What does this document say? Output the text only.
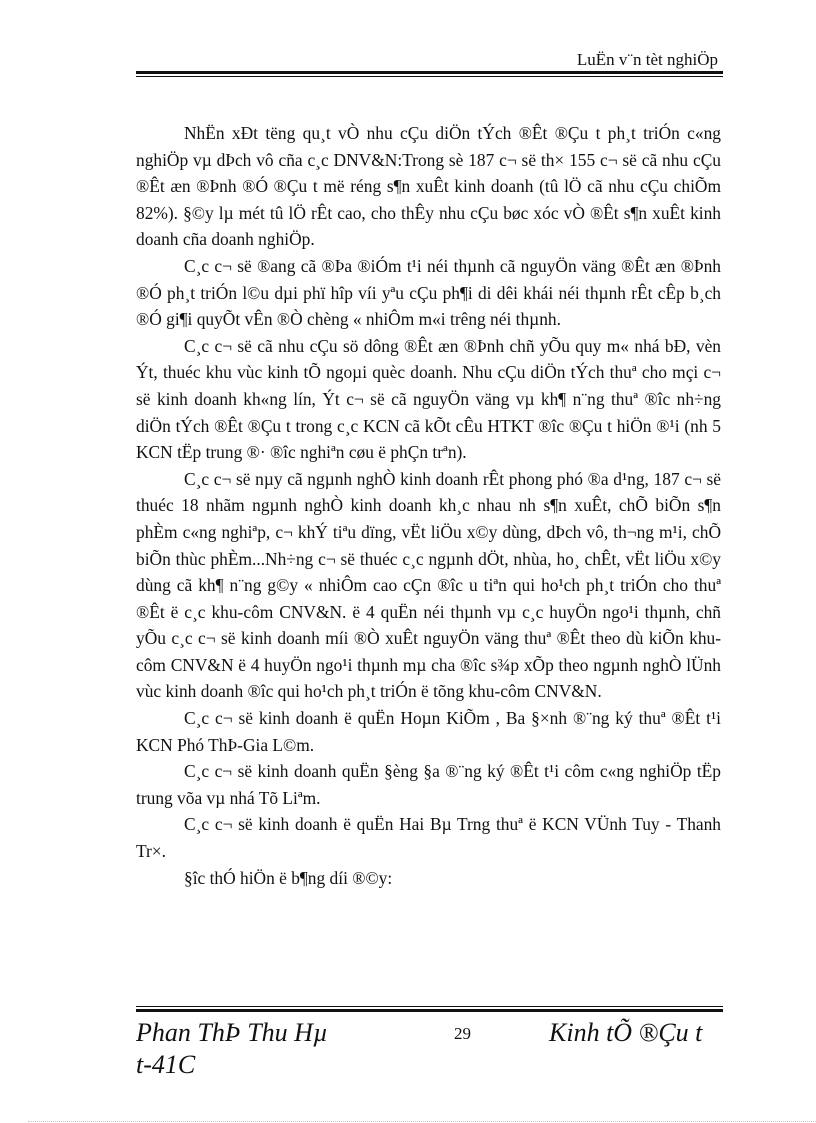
LuËn v¨n tèt nghiÖp

NhËn xÐt tëng qu¸t vÒ nhu cÇu diÖn tÝch ®Êt ®Çu t ph¸t triÓn c«ng nghiÖp vµ dÞch vô cña c¸c DNV&N:Trong sè 187 c¬ së th× 155 c¬ së cã nhu cÇu ®Êt æn ®Þnh ®Ó ®Çu t më réng s¶n xuÊt kinh doanh (tû lÖ cã nhu cÇu chiÕm 82%). §©y lµ mét tû lÖ rÊt cao, cho thÊy nhu cÇu bøc xóc vÒ ®Êt s¶n xuÊt kinh doanh cña doanh nghiÖp.

C¸c c¬ së ®ang cã ®Þa ®iÓm t¹i néi thµnh cã nguyÖn väng ®Êt æn ®Þnh ®Ó ph¸t triÓn l©u dµi phï hîp víi yªu cÇu ph¶i di dêi khái néi thµnh rÊt cÊp b¸ch ®Ó gi¶i quyÕt vÊn ®Ò chèng « nhiÔm m«i trêng néi thµnh.

C¸c c¬ së cã nhu cÇu sö dông ®Êt æn ®Þnh chñ yÕu quy m« nhá bÐ, vèn Ýt, thuéc khu vùc kinh tÕ ngoµi quèc doanh. Nhu cÇu diÖn tÝch thuª cho mçi c¬ së kinh doanh kh«ng lín, Ýt c¬ së cã nguyÖn väng vµ kh¶ n¨ng thuª ®îc nh÷ng diÖn tÝch ®Êt ®Çu t trong c¸c KCN cã kÕt cÊu HTKT ®îc ®Çu t hiÖn ®¹i (nh 5 KCN tËp trung ®· ®îc nghiªn cøu ë phÇn trªn).

C¸c c¬ së nµy cã ngµnh nghÒ kinh doanh rÊt phong phó ®a d¹ng, 187 c¬ së thuéc 18 nhãm ngµnh nghÒ kinh doanh kh¸c nhau nh s¶n xuÊt, chÕ biÕn s¶n phÈm c«ng nghiªp, c¬ khÝ tiªu dïng, vËt liÖu x©y dùng, dÞch vô, th¬ng m¹i, chÕ biÕn thùc phÈm...Nh÷ng c¬ së thuéc c¸c ngµnh dÖt, nhùa, ho¸ chÊt, vËt liÖu x©y dùng cã kh¶ n¨ng g©y « nhiÔm cao cÇn ®îc u tiªn qui ho¹ch ph¸t triÓn cho thuª ®Êt ë c¸c khu-côm CNV&N. ë 4 quËn néi thµnh vµ c¸c huyÖn ngo¹i thµnh, chñ yÕu c¸c c¬ së kinh doanh míi ®Ò xuÊt nguyÖn väng thuª ®Êt theo dù kiÕn khu-côm CNV&N ë 4 huyÖn ngo¹i thµnh mµ cha ®îc s¾p xÕp theo ngµnh nghÒ lÜnh vùc kinh doanh ®îc qui ho¹ch ph¸t triÓn ë tõng khu-côm CNV&N.

C¸c c¬ së kinh doanh ë quËn Hoµn KiÕm , Ba §×nh ®¨ng ký thuª ®Êt t¹i KCN Phó ThÞ-Gia L©m.

C¸c c¬ së kinh doanh quËn §èng §a ®¨ng ký ®Êt t¹i côm c«ng nghiÖp tËp trung võa vµ nhá Tõ Liªm.

C¸c c¬ së kinh doanh ë quËn Hai Bµ Trng thuª ë KCN VÜnh Tuy - Thanh Tr×.

§îc thÓ hiÖn ë b¶ng díi ®©y:

Phan ThÞ Thu Hµ
t-41C
29	Kinh tÕ ®Çu t
